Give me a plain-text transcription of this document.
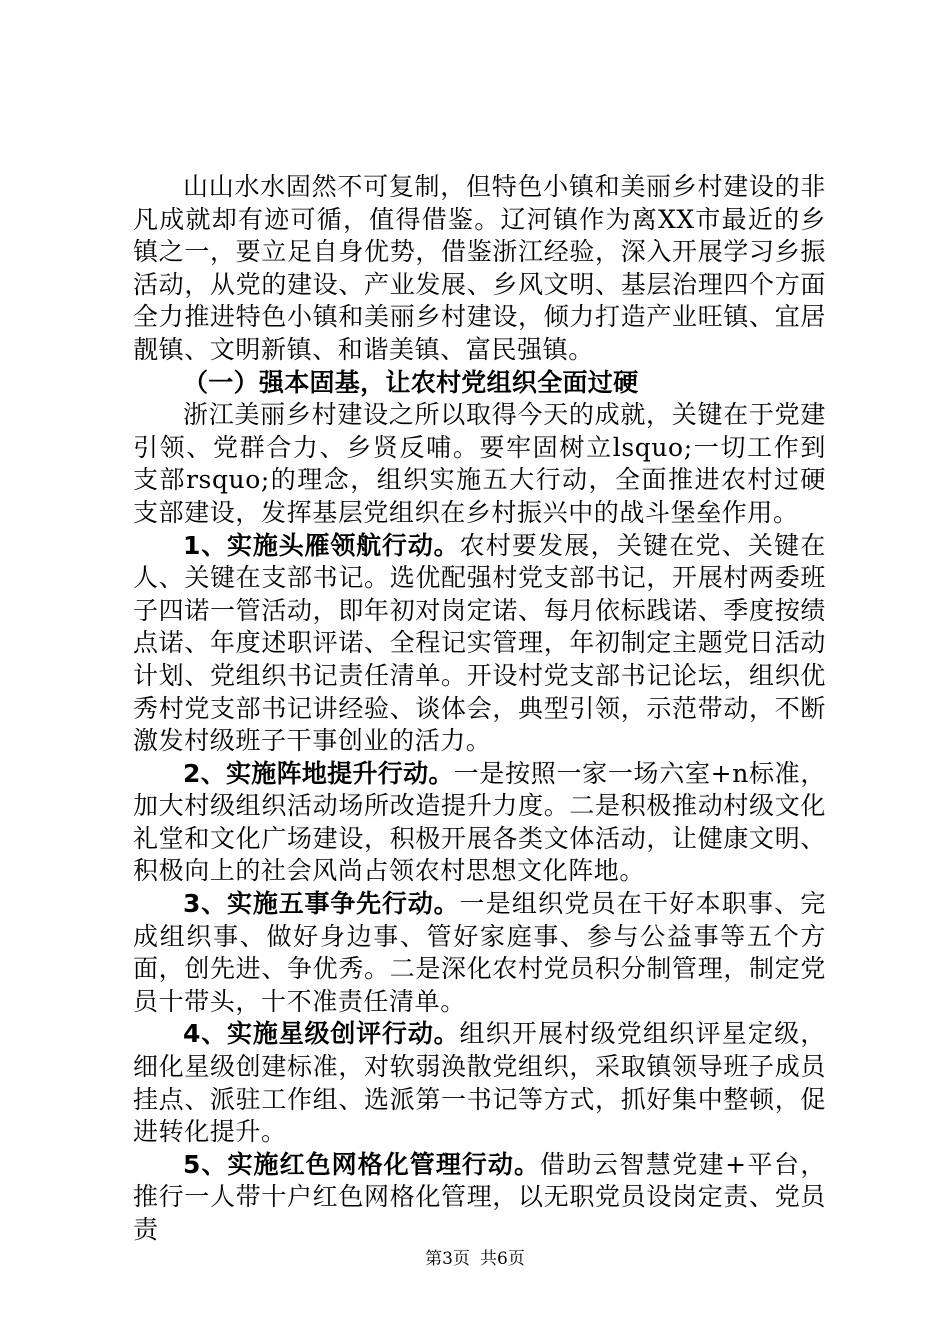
山山水水固然不可复制，但特色小镇和美丽乡村建设的非凡成就却有迹可循，值得借鉴。辽河镇作为离XX市最近的乡镇之一，要立足自身优势，借鉴浙江经验，深入开展学习乡振活动，从党的建设、产业发展、乡风文明、基层治理四个方面全力推进特色小镇和美丽乡村建设，倾力打造产业旺镇、宜居靓镇、文明新镇、和谐美镇、富民强镇。

（一）强本固基，让农村党组织全面过硬

浙江美丽乡村建设之所以取得今天的成就，关键在于党建引领、党群合力、乡贤反哺。要牢固树立lsquo;一切工作到支部rsquo;的理念，组织实施五大行动，全面推进农村过硬支部建设，发挥基层党组织在乡村振兴中的战斗堡垒作用。

1、实施头雁领航行动。农村要发展，关键在党、关键在人、关键在支部书记。选优配强村党支部书记，开展村两委班子四诺一管活动，即年初对岗定诺、每月依标践诺、季度按绩点诺、年度述职评诺、全程记实管理，年初制定主题党日活动计划、党组织书记责任清单。开设村党支部书记论坛，组织优秀村党支部书记讲经验、谈体会，典型引领，示范带动，不断激发村级班子干事创业的活力。

2、实施阵地提升行动。一是按照一家一场六室+n标准，加大村级组织活动场所改造提升力度。二是积极推动村级文化礼堂和文化广场建设，积极开展各类文体活动，让健康文明、积极向上的社会风尚占领农村思想文化阵地。

3、实施五事争先行动。一是组织党员在干好本职事、完成组织事、做好身边事、管好家庭事、参与公益事等五个方面，创先进、争优秀。二是深化农村党员积分制管理，制定党员十带头，十不准责任清单。

4、实施星级创评行动。组织开展村级党组织评星定级，细化星级创建标准，对软弱涣散党组织，采取镇领导班子成员挂点、派驻工作组、选派第一书记等方式，抓好集中整顿，促进转化提升。

5、实施红色网格化管理行动。借助云智慧党建+平台，推行一人带十户红色网格化管理，以无职党员设岗定责、党员责

第3页 共6页
